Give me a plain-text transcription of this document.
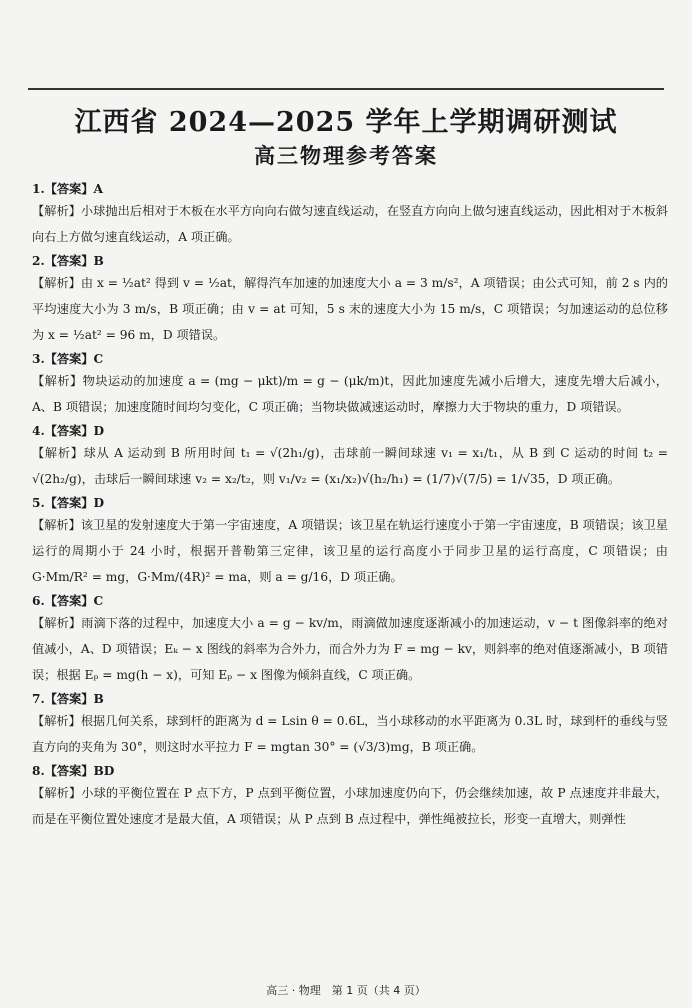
江西省 2024—2025 学年上学期调研测试
高三物理参考答案
1.【答案】A
【解析】小球抛出后相对于木板在水平方向向右做匀速直线运动，在竖直方向向上做匀速直线运动，因此相对于木板斜向右上方做匀速直线运动，A 项正确。
2.【答案】B
【解析】由 x = ½at² 得到 v = ½at，解得汽车加速的加速度大小 a = 3 m/s²，A 项错误；由公式可知，前 2 s 内的平均速度大小为 3 m/s，B 项正确；由 v = at 可知，5 s 末的速度大小为 15 m/s，C 项错误；匀加速运动的总位移为 x = ½at² = 96 m，D 项错误。
3.【答案】C
【解析】物块运动的加速度 a = (mg − μkt)/m = g − (μk/m)t，因此加速度先减小后增大，速度先增大后减小，A、B 项错误；加速度随时间均匀变化，C 项正确；当物块做减速运动时，摩擦力大于物块的重力，D 项错误。
4.【答案】D
【解析】球从 A 运动到 B 所用时间 t₁ = √(2h₁/g)，击球前一瞬间球速 v₁ = x₁/t₁，从 B 到 C 运动的时间 t₂ = √(2h₂/g)，击球后一瞬间球速 v₂ = x₂/t₂，则 v₁/v₂ = (x₁/x₂)√(h₂/h₁) = (1/7)√(7/5) = 1/√35，D 项正确。
5.【答案】D
【解析】该卫星的发射速度大于第一宇宙速度，A 项错误；该卫星在轨运行速度小于第一宇宙速度，B 项错误；该卫星运行的周期小于 24 小时，根据开普勒第三定律，该卫星的运行高度小于同步卫星的运行高度，C 项错误；由 G·Mm/R² = mg，G·Mm/(4R)² = ma，则 a = g/16，D 项正确。
6.【答案】C
【解析】雨滴下落的过程中，加速度大小 a = g − kv/m，雨滴做加速度逐渐减小的加速运动，v − t 图像斜率的绝对值减小，A、D 项错误；Eₖ − x 图线的斜率为合外力，而合外力为 F = mg − kv，则斜率的绝对值逐渐减小，B 项错误；根据 Eₚ = mg(h − x)，可知 Eₚ − x 图像为倾斜直线，C 项正确。
7.【答案】B
【解析】根据几何关系，球到杆的距离为 d = Lsin θ = 0.6L，当小球移动的水平距离为 0.3L 时，球到杆的垂线与竖直方向的夹角为 30°，则这时水平拉力 F = mgtan 30° = (√3/3)mg，B 项正确。
8.【答案】BD
【解析】小球的平衡位置在 P 点下方，P 点到平衡位置，小球加速度仍向下，仍会继续加速，故 P 点速度并非最大，而是在平衡位置处速度才是最大值，A 项错误；从 P 点到 B 点过程中，弹性绳被拉长，形变一直增大，则弹性
高三 · 物理　第 1 页（共 4 页）
